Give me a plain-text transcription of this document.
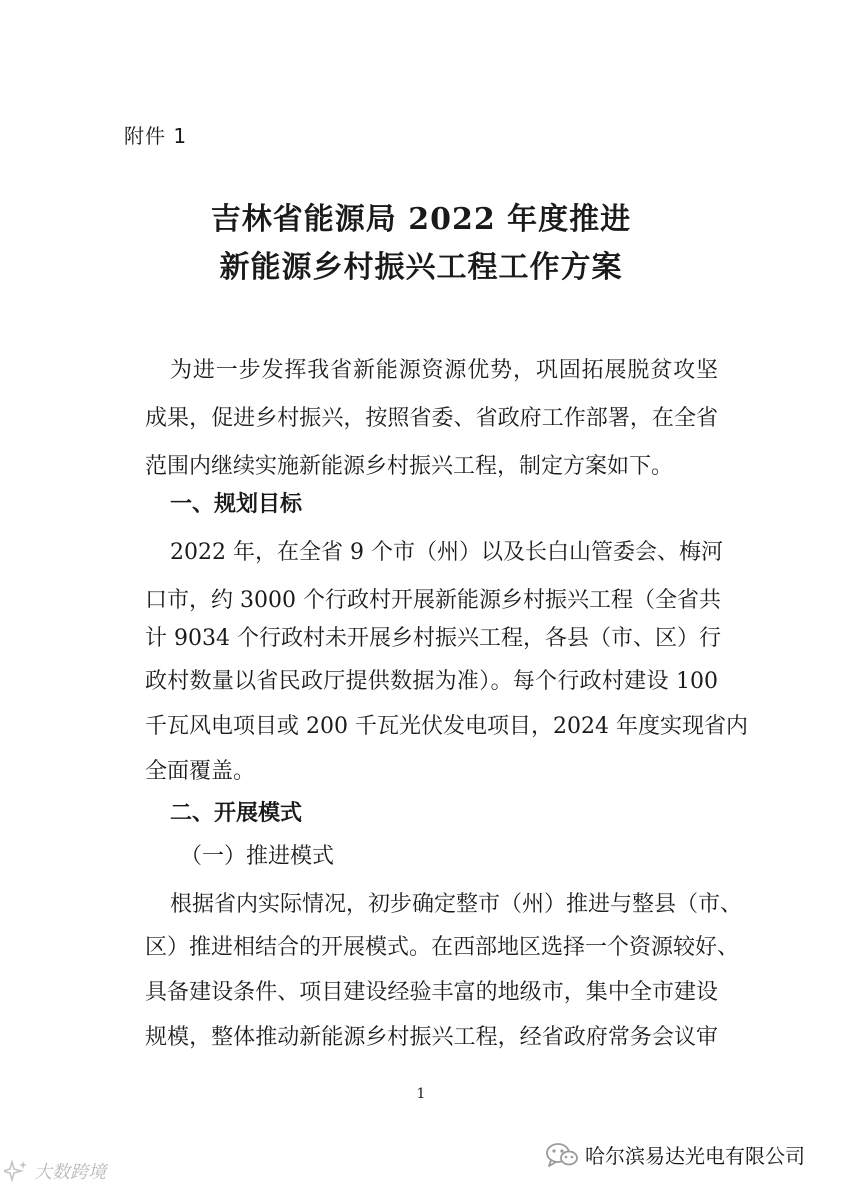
附件 1
吉林省能源局 2022 年度推进
新能源乡村振兴工程工作方案
为进一步发挥我省新能源资源优势，巩固拓展脱贫攻坚
成果，促进乡村振兴，按照省委、省政府工作部署，在全省
范围内继续实施新能源乡村振兴工程，制定方案如下。
一、规划目标
2022 年，在全省 9 个市（州）以及长白山管委会、梅河
口市，约 3000 个行政村开展新能源乡村振兴工程（全省共
计 9034 个行政村未开展乡村振兴工程，各县（市、区）行
政村数量以省民政厅提供数据为准）。每个行政村建设 100
千瓦风电项目或 200 千瓦光伏发电项目，2024 年度实现省内
全面覆盖。
二、开展模式
（一）推进模式
根据省内实际情况，初步确定整市（州）推进与整县（市、
区）推进相结合的开展模式。在西部地区选择一个资源较好、
具备建设条件、项目建设经验丰富的地级市，集中全市建设
规模，整体推动新能源乡村振兴工程，经省政府常务会议审
1
大数跨境
哈尔滨易达光电有限公司
